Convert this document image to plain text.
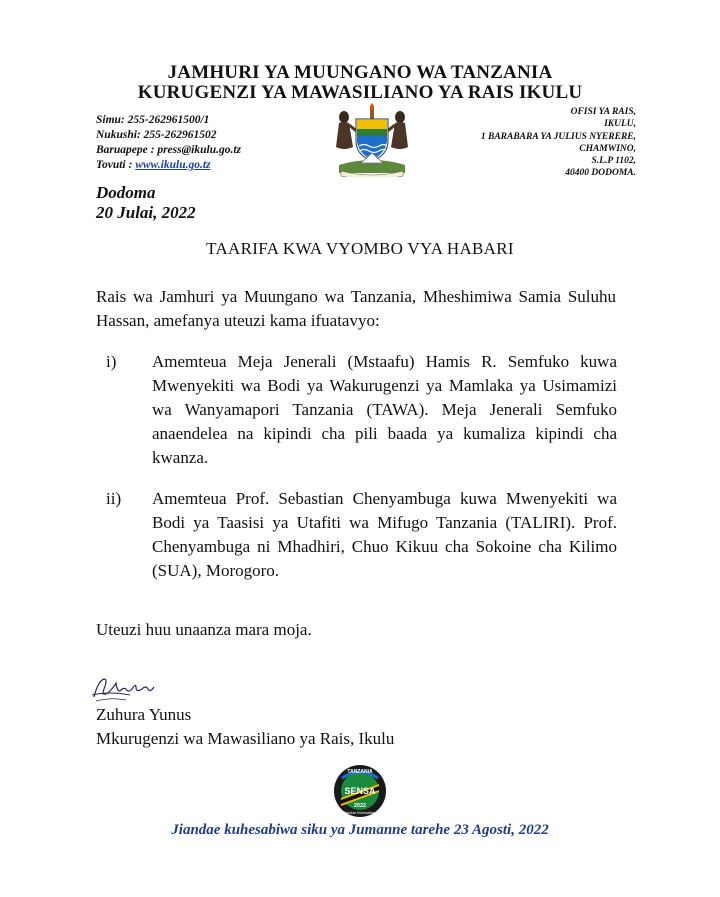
JAMHURI YA MUUNGANO WA TANZANIA
KURUGENZI YA MAWASILIANO YA RAIS IKULU
Simu: 255-262961500/1
Nukushi: 255-262961502
Baruapepe : press@ikulu.go.tz
Tovuti : www.ikulu.go.tz
OFISI YA RAIS,
IKULU,
1 BARABARA YA JULIUS NYERERE,
CHAMWINO,
S.L.P 1102,
40400 DODOMA.
Dodoma
20 Julai, 2022
TAARIFA KWA VYOMBO VYA HABARI
Rais wa Jamhuri ya Muungano wa Tanzania, Mheshimiwa Samia Suluhu Hassan, amefanya uteuzi kama ifuatavyo:
i) Amemteua Meja Jenerali (Mstaafu) Hamis R. Semfuko kuwa Mwenyekiti wa Bodi ya Wakurugenzi ya Mamlaka ya Usimamizi wa Wanyamapori Tanzania (TAWA). Meja Jenerali Semfuko anaendelea na kipindi cha pili baada ya kumaliza kipindi cha kwanza.
ii) Amemteua Prof. Sebastian Chenyambuga kuwa Mwenyekiti wa Bodi ya Taasisi ya Utafiti wa Mifugo Tanzania (TALIRI). Prof. Chenyambuga ni Mhadhiri, Chuo Kikuu cha Sokoine cha Kilimo (SUA), Morogoro.
Uteuzi huu unaanza mara moja.
Zuhura Yunus
Mkurugenzi wa Mawasiliano ya Rais, Ikulu
TANZANIA
SENSA
2022
Jiandae Kuhesabiwa
Jiandae kuhesabiwa siku ya Jumanne tarehe 23 Agosti, 2022
